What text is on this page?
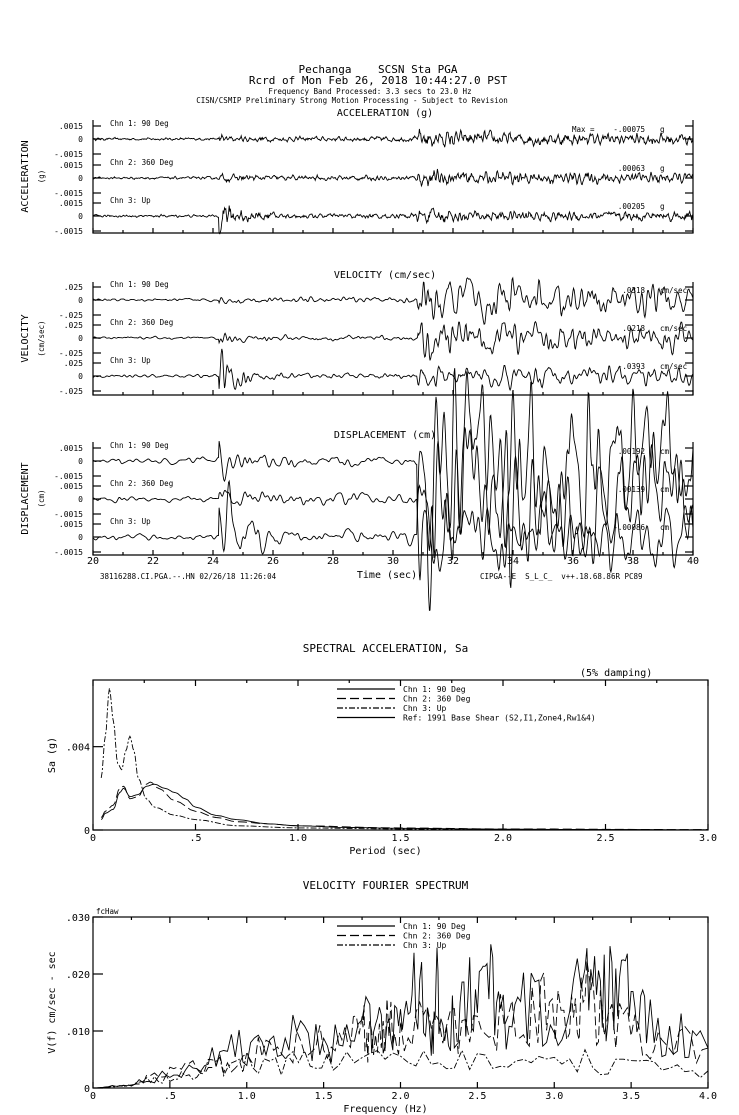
Pechanga    SCSN Sta PGA
Rcrd of Mon Feb 26, 2018 10:44:27.0 PST
Frequency Band Processed: 3.3 secs to 23.0 Hz
CISN/CSMIP Preliminary Strong Motion Processing - Subject to Revision
ACCELERATION (g)
ACCELERATION (g)
.0015
0
-.0015
Chn 1: 90 Deg
Max =	-.00075 g
.0015
0
-.0015
Chn 2: 360 Deg
.00063 g
.0015
0
-.0015
Chn 3: Up
.00205 g
VELOCITY (cm/sec)
VELOCITY (cm/sec)
.025
0
-.025
Chn 1: 90 Deg
.0318 cm/sec
.025
0
-.025
Chn 2: 360 Deg
.0218 cm/sec
.025
0
-.025
Chn 3: Up
-.0393 cm/sec
DISPLACEMENT (cm)
DISPLACEMENT (cm)
20	22	24	26	28	30	32	34	36	38	40
.0015
0
-.0015
Chn 1: 90 Deg
.00192 cm
.0015
0
-.0015
Chn 2: 360 Deg
.00139 cm
.0015
0
-.0015
Chn 3: Up
-.00086 cm
38116288.CI.PGA.--.HN 02/26/18 11:26:04	Time (sec)	CIPGA--E  S_L_C_  v++.18.68.86R PC89
SPECTRAL ACCELERATION, Sa
0	.5	1.0	1.5	2.0	2.5	3.0
0
.004
Period (sec)
Sa (g)
Chn 1: 90 Deg
Chn 2: 360 Deg
Chn 3: Up
Ref: 1991 Base Shear (S2,I1,Zone4,Rw1&4)
(5% damping)
VELOCITY FOURIER SPECTRUM
0	.5	1.0	1.5	2.0	2.5	3.0	3.5	4.0
0
.010
.020
.030
Frequency (Hz)
V(f) cm/sec - sec
Chn 1: 90 Deg
Chn 2: 360 Deg
Chn 3: Up
fcHaw
